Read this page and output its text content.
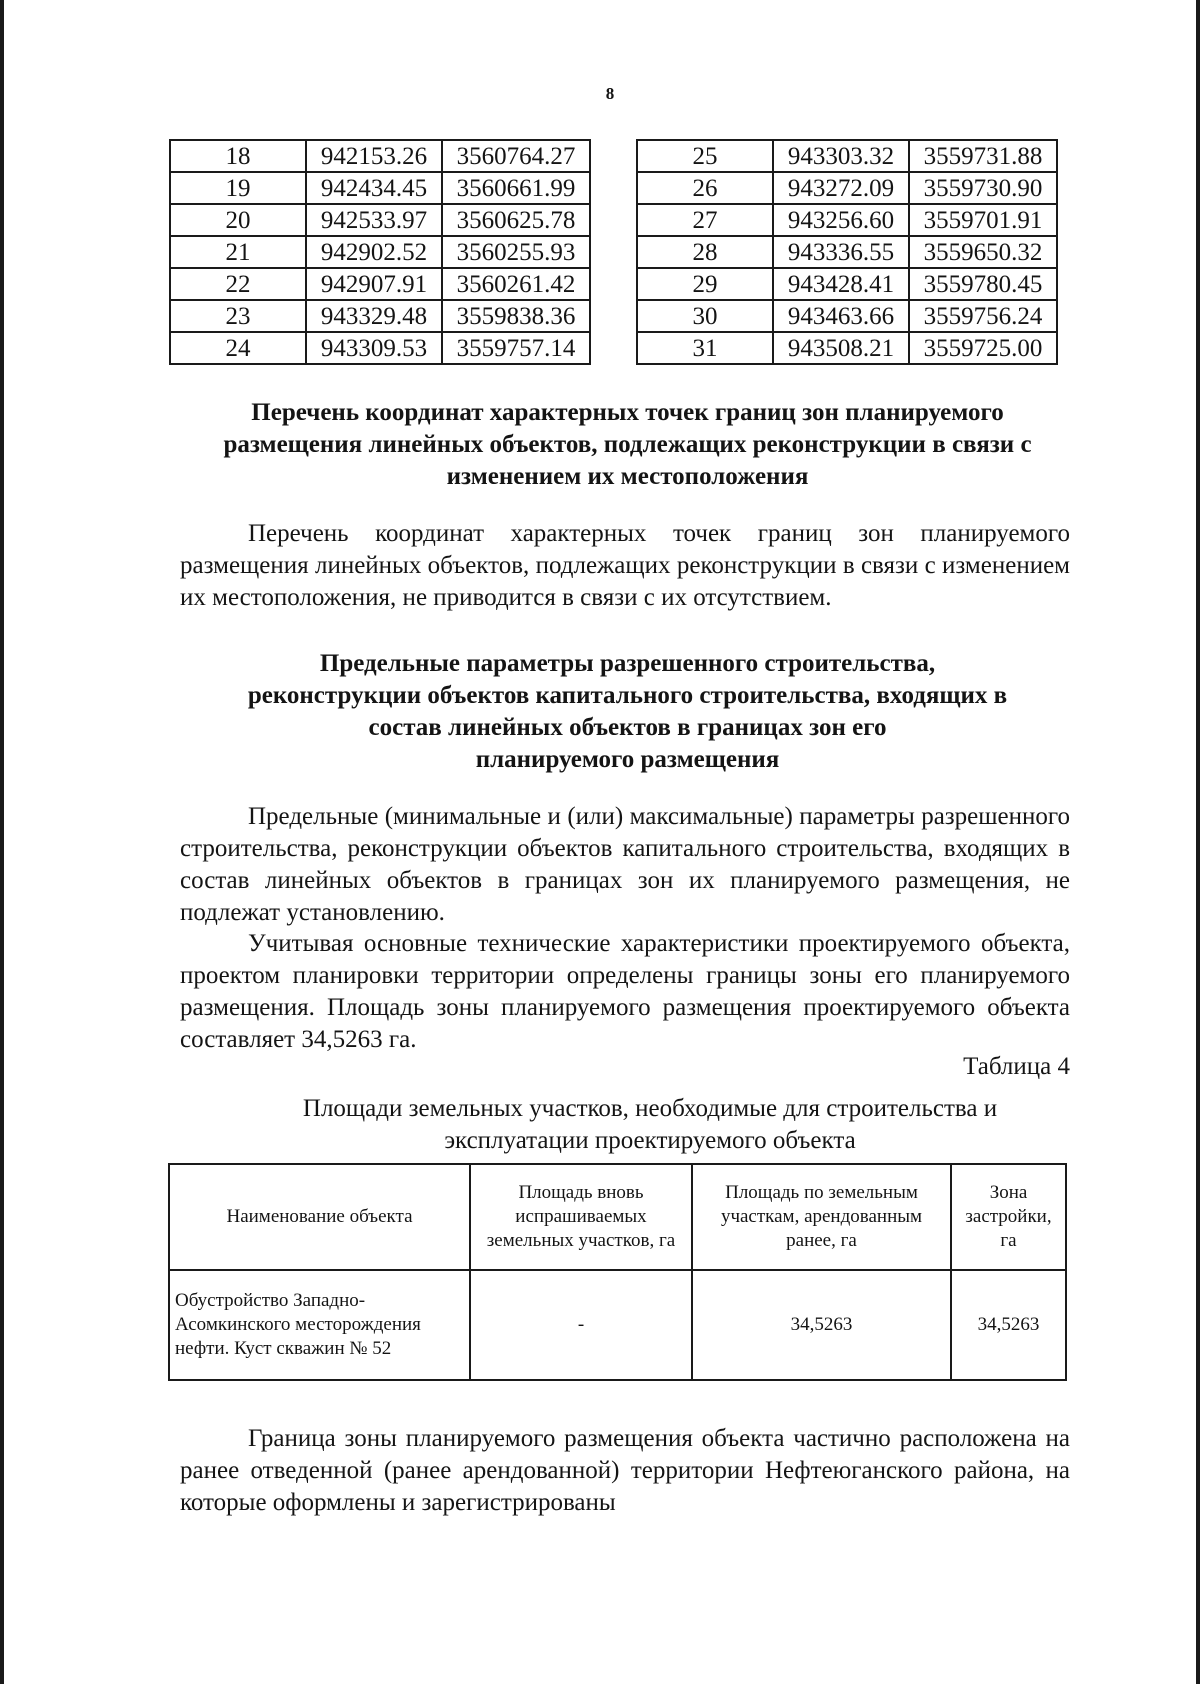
8
18	942153.26	3560764.27
19	942434.45	3560661.99
20	942533.97	3560625.78
21	942902.52	3560255.93
22	942907.91	3560261.42
23	943329.48	3559838.36
24	943309.53	3559757.14
25	943303.32	3559731.88
26	943272.09	3559730.90
27	943256.60	3559701.91
28	943336.55	3559650.32
29	943428.41	3559780.45
30	943463.66	3559756.24
31	943508.21	3559725.00
Перечень координат характерных точек границ зон планируемого
размещения линейных объектов, подлежащих реконструкции в связи с
изменением их местоположения

Перечень координат характерных точек границ зон планируемого размещения линейных объектов, подлежащих реконструкции в связи с изменением их местоположения, не приводится в связи с их отсутствием.

Предельные параметры разрешенного строительства,
реконструкции объектов капитального строительства, входящих в
состав линейных объектов в границах зон его
планируемого размещения

Предельные (минимальные и (или) максимальные) параметры разрешенного строительства, реконструкции объектов капитального строительства, входящих в состав линейных объектов в границах зон их планируемого размещения, не подлежат установлению.

Учитывая основные технические характеристики проектируемого объекта, проектом планировки территории определены границы зоны его планируемого размещения. Площадь зоны планируемого размещения проектируемого объекта составляет 34,5263 га.

Таблица 4
Площади земельных участков, необходимые для строительства и
эксплуатации проектируемого объекта
Наименование объекта	Площадь вновь испрашиваемых земельных участков, га	Площадь по земельным участкам, арендованным ранее, га	Зона застройки, га
Обустройство Западно-Асомкинского месторождения нефти. Куст скважин № 52	-	34,5263	34,5263

Граница зоны планируемого размещения объекта частично расположена на ранее отведенной (ранее арендованной) территории Нефтеюганского района, на которые оформлены и зарегистрированы
